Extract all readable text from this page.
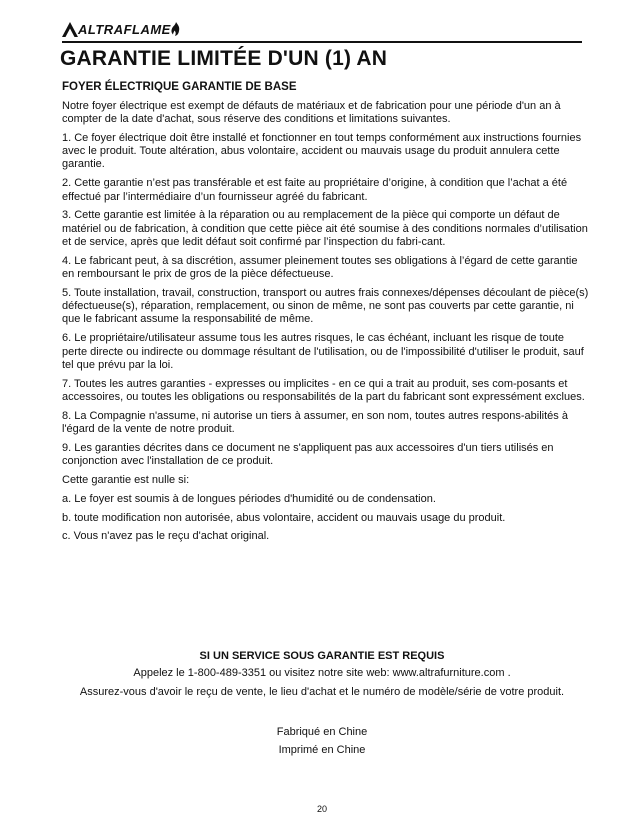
ALTRAFLAME
GARANTIE LIMITÉE D'UN (1) AN

FOYER ÉLECTRIQUE GARANTIE DE BASE

Notre foyer électrique est exempt de défauts de matériaux et de fabrication pour une période d'un an à compter de la date d'achat, sous réserve des conditions et limitations suivantes.

1. Ce foyer électrique doit être installé et fonctionner en tout temps conformément aux instructions fournies avec le produit. Toute altération, abus volontaire, accident ou mauvais usage du produit annulera cette garantie.

2. Cette garantie n’est pas transférable et est faite au propriétaire d’origine, à condition que l’achat a été effectué par l’intermédiaire d’un fournisseur agréé du fabricant.

3. Cette garantie est limitée à la réparation ou au remplacement de la pièce qui comporte un défaut de matériel ou de fabrication, à condition que cette pièce ait été soumise à des conditions normales d’utilisation et de service, après que ledit défaut soit confirmé par l’inspection du fabri-cant.

4. Le fabricant peut, à sa discrétion, assumer pleinement toutes ses obligations à l’égard de cette garantie en remboursant le prix de gros de la pièce défectueuse.

5. Toute installation, travail, construction, transport ou autres frais connexes/dépenses découlant de pièce(s) défectueuse(s), réparation, remplacement, ou sinon de même, ne sont pas couverts par cette garantie, ni que le fabricant assume la responsabilité de même.

6. Le propriétaire/utilisateur assume tous les autres risques, le cas échéant, incluant les risque de toute perte directe ou indirecte ou dommage résultant de l'utilisation, ou de l'impossibilité d'utiliser le produit, sauf tel que prévu par la loi.

7. Toutes les autres garanties - expresses ou implicites - en ce qui a trait au produit, ses com-posants et accessoires, ou toutes les obligations ou responsabilités de la part du fabricant sont expressément exclues.

8. La Compagnie n'assume, ni autorise un tiers à assumer, en son nom, toutes autres respons-abilités à l'égard de la vente de notre produit.

9. Les garanties décrites dans ce document ne s'appliquent pas aux accessoires d'un tiers utilisés en conjonction avec l'installation de ce produit.

Cette garantie est nulle si:

a. Le foyer est soumis à de longues périodes d'humidité ou de condensation.

b. toute modification non autorisée, abus volontaire, accident ou mauvais usage du produit.

c. Vous n'avez pas le reçu d'achat original.

SI UN SERVICE SOUS GARANTIE EST REQUIS
Appelez le 1-800-489-3351 ou visitez notre site web: www.altrafurniture.com .
Assurez-vous d'avoir le reçu de vente, le lieu d'achat et le numéro de modèle/série de votre produit.
Fabriqué en Chine
Imprimé en Chine
20
